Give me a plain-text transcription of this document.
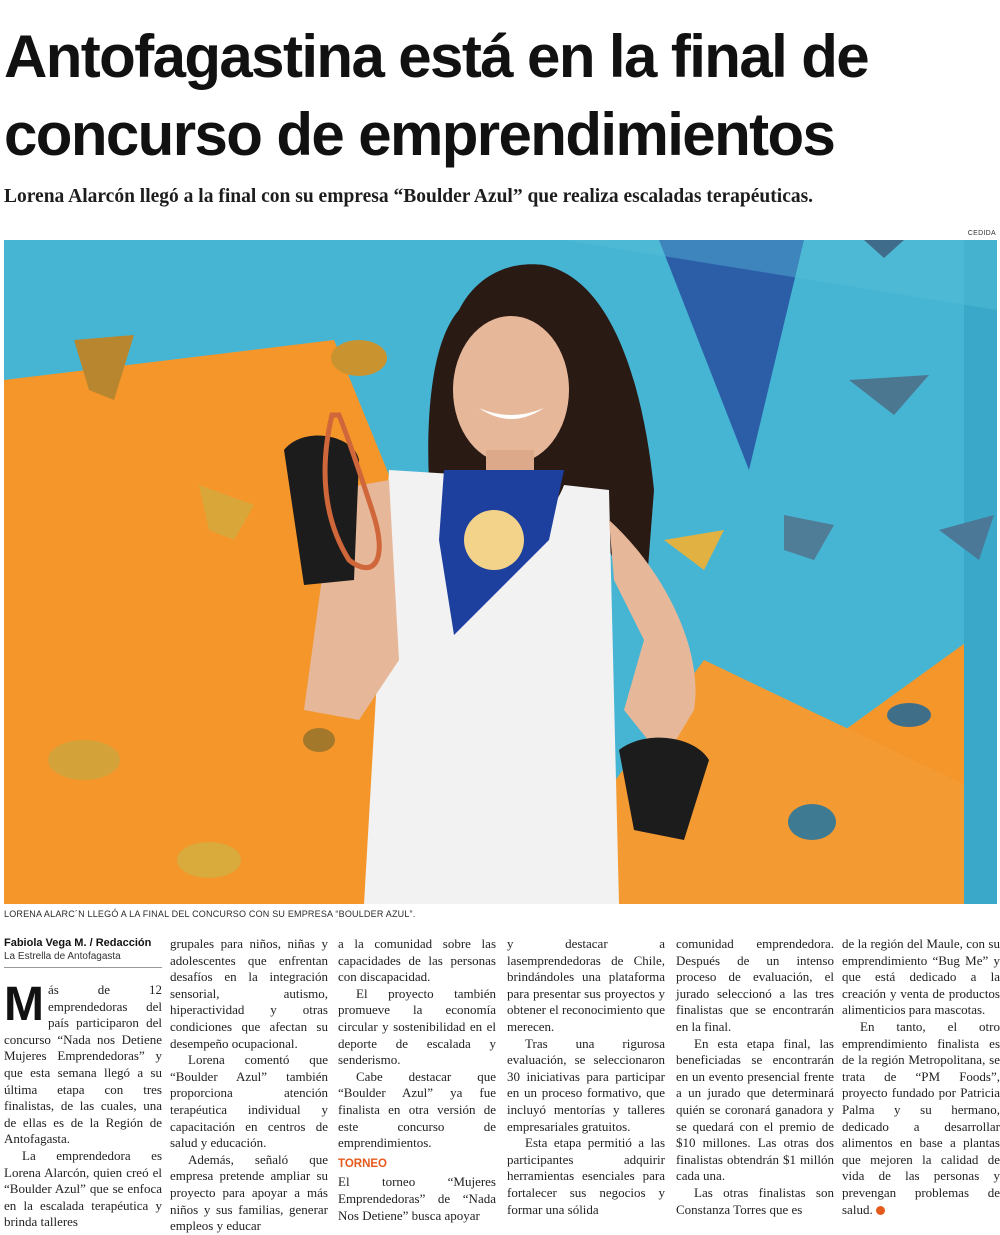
Antofagastina está en la final de concurso de emprendimientos

Lorena Alarcón llegó a la final con su empresa “Boulder Azul” que realiza escaladas terapéuticas.

CEDIDA
LORENA ALARC´N LLEGÓ A LA FINAL DEL CONCURSO CON SU EMPRESA “BOULDER AZUL”.
Fabiola Vega M. / Redacción
La Estrella de Antofagasta

Más de 12 emprendedoras del país participaron del concurso “Nada nos Detiene Mujeres Emprendedoras” y que esta semana llegó a su última etapa con tres finalistas, de las cuales, una de ellas es de la Región de Antofagasta.

La emprendedora es Lorena Alarcón, quien creó el “Boulder Azul” que se enfoca en la escalada terapéutica y brinda talleres

grupales para niños, niñas y adolescentes que enfrentan desafíos en la integración sensorial, autismo, hiperactividad y otras condiciones que afectan su desempeño ocupacional.

Lorena comentó que “Boulder Azul” también proporciona atención terapéutica individual y capacitación en centros de salud y educación.

Además, señaló que empresa pretende ampliar su proyecto para apoyar a más niños y sus familias, generar empleos y educar

a la comunidad sobre las capacidades de las personas con discapacidad.

El proyecto también promueve la economía circular y sostenibilidad en el deporte de escalada y senderismo.

Cabe destacar que “Boulder Azul” ya fue finalista en otra versión de este concurso de emprendimientos.

TORNEO

El torneo “Mujeres Emprendedoras” de “Nada Nos Detiene” busca apoyar

y destacar a lasemprendedoras de Chile, brindándoles una plataforma para presentar sus proyectos y obtener el reconocimiento que merecen.

Tras una rigurosa evaluación, se seleccionaron 30 iniciativas para participar en un proceso formativo, que incluyó mentorías y talleres empresariales gratuitos.

Esta etapa permitió a las participantes adquirir herramientas esenciales para fortalecer sus negocios y formar una sólida

comunidad emprendedora. Después de un intenso proceso de evaluación, el jurado seleccionó a las tres finalistas que se encontrarán en la final.

En esta etapa final, las beneficiadas se encontrarán en un evento presencial frente a un jurado que determinará quién se coronará ganadora y se quedará con el premio de $10 millones. Las otras dos finalistas obtendrán $1 millón cada una.

Las otras finalistas son Constanza Torres que es

de la región del Maule, con su emprendimiento “Bug Me” y que está dedicado a la creación y venta de productos alimenticios para mascotas.

En tanto, el otro emprendimiento finalista es de la región Metropolitana, se trata de “PM Foods”, proyecto fundado por Patricia Palma y su hermano, dedicado a desarrollar alimentos en base a plantas que mejoren la calidad de vida de las personas y prevengan problemas de salud.
